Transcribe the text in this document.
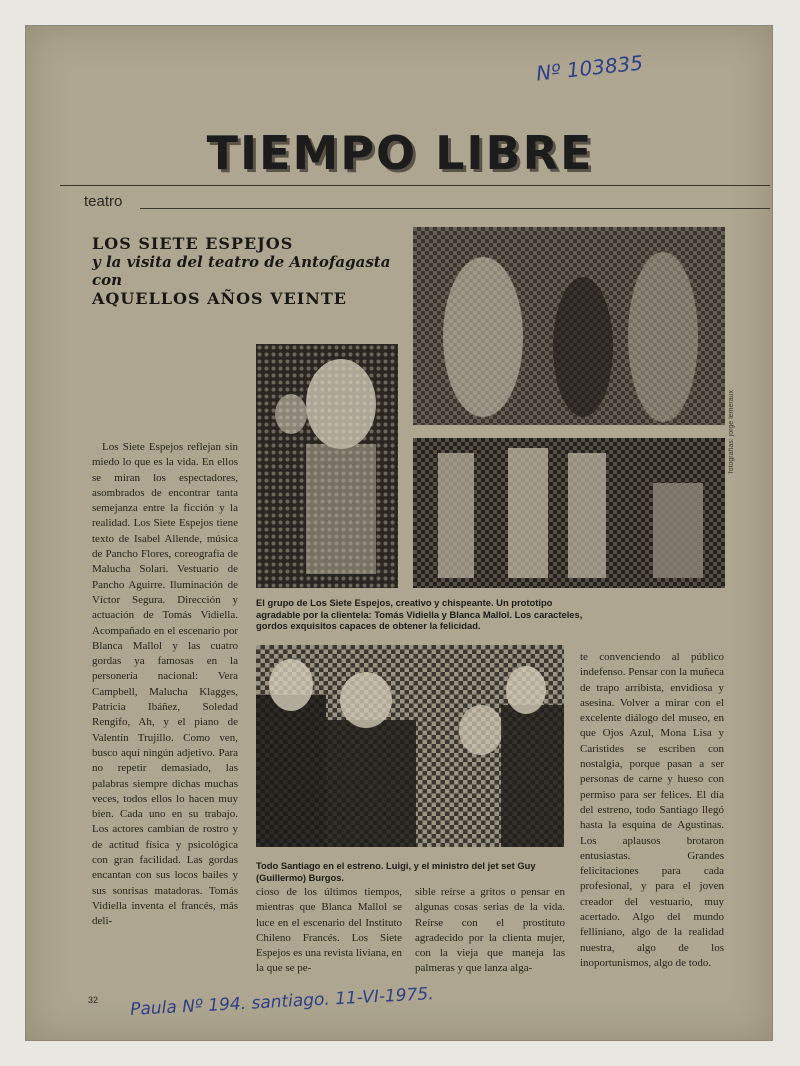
Nº 103835
TIEMPO LIBRE
teatro
LOS SIETE ESPEJOS
y la visita del teatro de Antofagasta con
AQUELLOS AÑOS VEINTE
fotografías: jorge lemeraux
El grupo de Los Siete Espejos, creativo y chispeante. Un prototipo agradable por la clientela: Tomás Vidiella y Blanca Mallol. Los caracteles, gordos exquisitos capaces de obtener la felicidad.
Todo Santiago en el estreno. Luigi, y el ministro del jet set Guy (Guillermo) Burgos.

Los Siete Espejos reflejan sin miedo lo que es la vida. En ellos se miran los espectadores, asombrados de encontrar tanta semejanza entre la ficción y la realidad. Los Siete Espejos tiene texto de Isabel Allende, música de Pancho Flores, coreografía de Malucha Solari. Vestuario de Pancho Aguirre. Iluminación de Víctor Segura. Dirección y actuación de Tomás Vidiella. Acompañado en el escenario por Blanca Mallol y las cuatro gordas ya famosas en la personería nacional: Vera Campbell, Malucha Klagges, Patricia Ibáñez, Soledad Rengifo, Ah, y el piano de Valentín Trujillo. Como ven, busco aquí ningún adjetivo. Para no repetir demasiado, las palabras siempre dichas muchas veces, todos ellos lo hacen muy bien. Cada uno en su trabajo. Los actores cambian de rostro y de actitud física y psicológica con gran facilidad. Las gordas encantan con sus locos bailes y sus sonrisas matadoras. Tomás Vidiella inventa el francés, más deli-

cioso de los últimos tiempos, mientras que Blanca Mallol se luce en el escenario del Instituto Chileno Francés. Los Siete Espejos es una revista liviana, en la que se pe-

sible reírse a gritos o pensar en algunas cosas serias de la vida. Reírse con el prostituto agradecido por la clienta mujer, con la vieja que maneja las palmeras y que lanza alga-

te convenciendo al público indefenso. Pensar con la muñeca de trapo arribista, envidiosa y asesina. Volver a mirar con el excelente diálogo del museo, en que Ojos Azul, Mona Lisa y Caristides se escriben con nostalgia, porque pasan a ser personas de carne y hueso con permiso para ser felices. El día del estreno, todo Santiago llegó hasta la esquina de Agustinas. Los aplausos brotaron entusiastas. Grandes felicitaciones para cada profesional, y para el joven creador del vestuario, muy acertado. Algo del mundo felliniano, algo de la realidad nuestra, algo de los inoportunismos, algo de todo.

32 Paula Nº 194. santiago. 11-VI-1975.
